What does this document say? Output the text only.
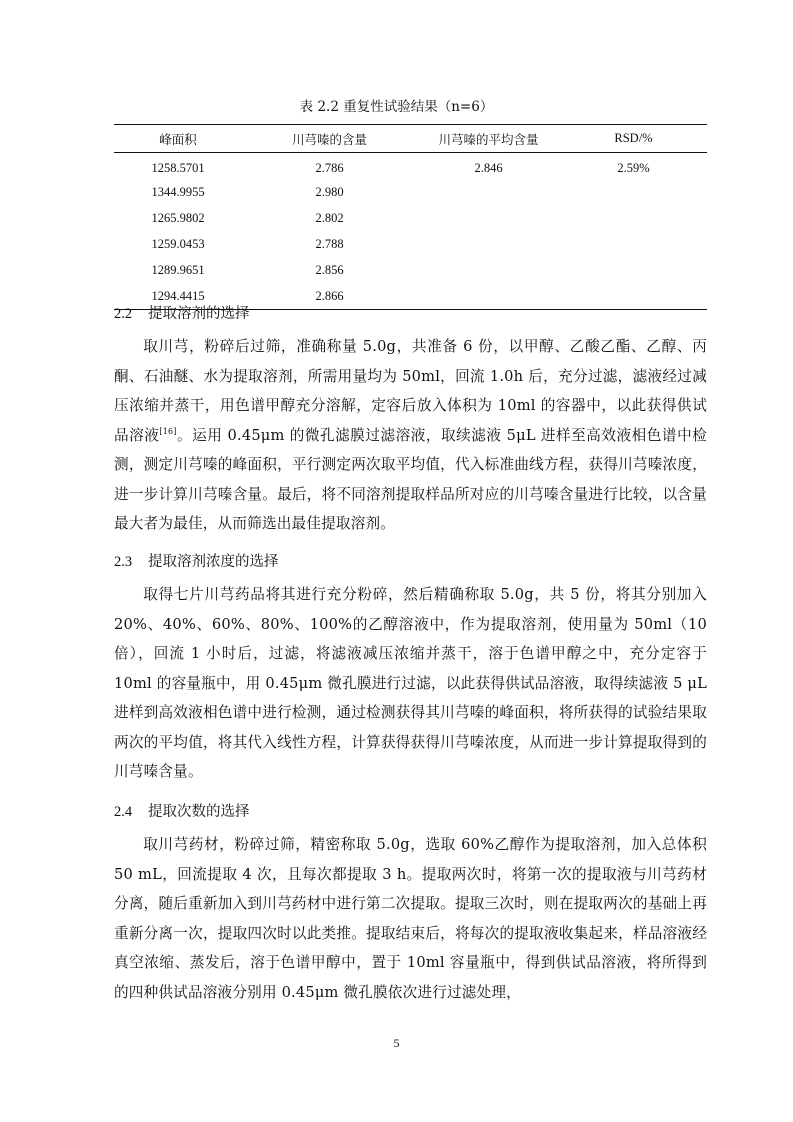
表 2.2 重复性试验结果（n=6）
峰面积	川芎嗪的含量	川芎嗪的平均含量	RSD/%
1258.5701	2.786	2.846	2.59%
1344.9955	2.980		
1265.9802	2.802		
1259.0453	2.788		
1289.9651	2.856		
1294.4415	2.866		
2.2 提取溶剂的选择

取川芎，粉碎后过筛，准确称量 5.0g，共准备 6 份，以甲醇、乙酸乙酯、乙醇、丙酮、石油醚、水为提取溶剂，所需用量均为 50ml，回流 1.0h 后，充分过滤，滤液经过减压浓缩并蒸干，用色谱甲醇充分溶解，定容后放入体积为 10ml 的容器中，以此获得供试品溶液[16]。运用 0.45μm 的微孔滤膜过滤溶液，取续滤液 5μL 进样至高效液相色谱中检测，测定川芎嗪的峰面积，平行测定两次取平均值，代入标准曲线方程，获得川芎嗪浓度，进一步计算川芎嗪含量。最后，将不同溶剂提取样品所对应的川芎嗪含量进行比较，以含量最大者为最佳，从而筛选出最佳提取溶剂。

2.3 提取溶剂浓度的选择

取得七片川芎药品将其进行充分粉碎，然后精确称取 5.0g，共 5 份，将其分别加入 20%、40%、60%、80%、100%的乙醇溶液中，作为提取溶剂，使用量为 50ml（10 倍），回流 1 小时后，过滤，将滤液减压浓缩并蒸干，溶于色谱甲醇之中，充分定容于 10ml 的容量瓶中，用 0.45μm 微孔膜进行过滤，以此获得供试品溶液，取得续滤液 5 μL 进样到高效液相色谱中进行检测，通过检测获得其川芎嗪的峰面积，将所获得的试验结果取两次的平均值，将其代入线性方程，计算获得获得川芎嗪浓度，从而进一步计算提取得到的川芎嗪含量。

2.4 提取次数的选择

取川芎药材，粉碎过筛，精密称取 5.0g，选取 60%乙醇作为提取溶剂，加入总体积 50 mL，回流提取 4 次，且每次都提取 3 h。提取两次时，将第一次的提取液与川芎药材分离，随后重新加入到川芎药材中进行第二次提取。提取三次时，则在提取两次的基础上再重新分离一次，提取四次时以此类推。提取结束后，将每次的提取液收集起来，样品溶液经真空浓缩、蒸发后，溶于色谱甲醇中，置于 10ml 容量瓶中，得到供试品溶液，将所得到的四种供试品溶液分别用 0.45μm 微孔膜依次进行过滤处理，

5
